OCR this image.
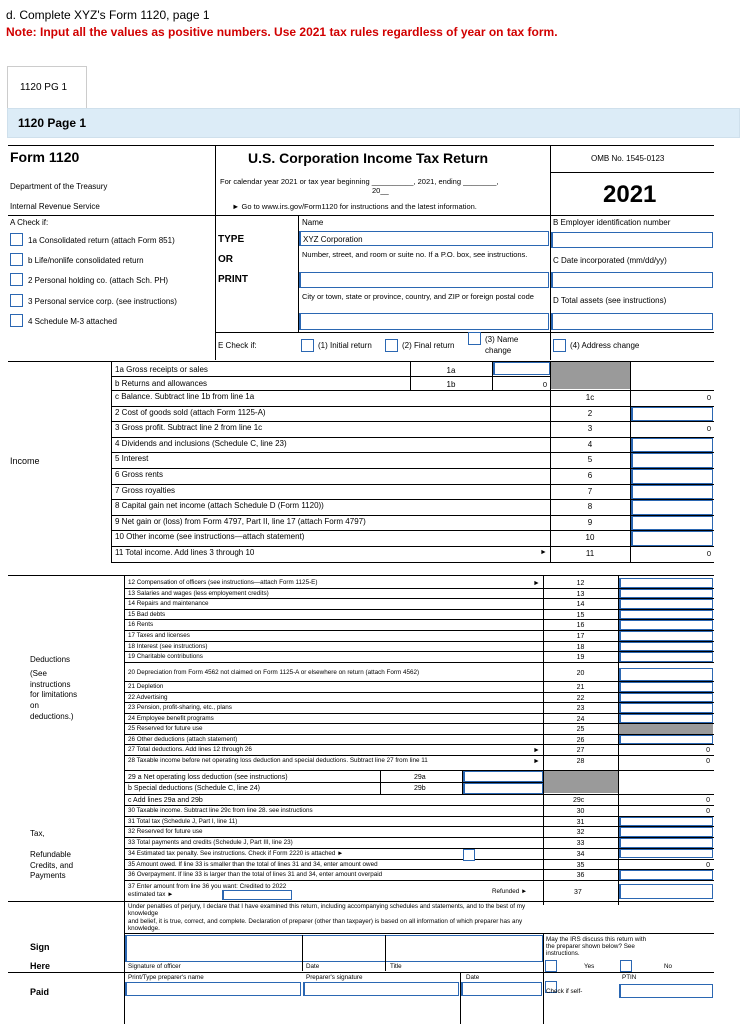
d. Complete XYZ's Form 1120, page 1
Note: Input all the values as positive numbers. Use 2021 tax rules regardless of year on tax form.
1120 PG 1
1120 Page 1
Form 1120
Department of the Treasury
Internal Revenue Service
U.S. Corporation Income Tax Return
For calendar year 2021 or tax year beginning __________, 2021, ending ________,
20__
► Go to www.irs.gov/Form1120 for instructions and the latest information.
OMB No. 1545-0123
2021
A Check if:
1a Consolidated return (attach Form 851)
b Life/nonlife consolidated return
2 Personal holding co. (attach Sch. PH)
3 Personal service corp. (see instructions)
4 Schedule M-3 attached
TYPE
OR
PRINT
Name
XYZ Corporation
Number, street, and room or suite no. If a P.O. box, see instructions.
City or town, state or province, country, and ZIP or foreign postal code
B Employer identification number
C Date incorporated (mm/dd/yy)
D Total assets (see instructions)
E Check if:	(1) Initial return	(2) Final return
(3) Name change
(4) Address change
Income
1a Gross receipts or sales	1a
b Returns and allowances	1b	0
c Balance. Subtract line 1b from line 1a	1c	0
2 Cost of goods sold (attach Form 1125-A)	2
3 Gross profit. Subtract line 2 from line 1c	3	0
4 Dividends and inclusions (Schedule C, line 23)	4
5 Interest	5
6 Gross rents	6
7 Gross royalties	7
8 Capital gain net income (attach Schedule D (Form 1120))	8
9 Net gain or (loss) from Form 4797, Part II, line 17 (attach Form 4797)	9
10 Other income (see instructions—attach statement)	10
11 Total income. Add lines 3 through 10	11	0
►
Deductions
(See
instructions
for limitations
on
deductions.)
12 Compensation of officers (see instructions—attach Form 1125-E)	12
►
13 Salaries and wages (less employement credits)	13
14 Repairs and maintenance	14
15 Bad debts	15
16 Rents	16
17 Taxes and licenses	17
18 Interest (see instructions)	18
19 Charitable contributions	19
20 Depreciation from Form 4562 not claimed on Form 1125-A or elsewhere on return (attach Form 4562)	20
21 Depletion	21
22 Advertising	22
23 Pension, profit-sharing, etc., plans	23
24 Employee benefit programs	24
25 Reserved for future use	25
26 Other deductions (attach statement)	26
27 Total deductions. Add lines 12 through 26	27	0
►
28 Taxable income before net operating loss deduction and special deductions. Subtract line 27 from line 11	28	0
►
29 a Net operating loss deduction (see instructions)	29a
b Special deductions (Schedule C, line 24)	29b
c Add lines 29a and 29b	29c	0
Tax,
Refundable
Credits, and
Payments
30 Taxable income. Subtract line 29c from line 28. see instructions	30	0
31 Total tax (Schedule J, Part I, line 11)	31
32 Reserved for future use	32
33 Total payments and credits (Schedule J, Part III, line 23)	33
34 Estimated tax penalty. See instructions. Check if Form 2220 is attached ►	34
35 Amount owed. If line 33 is smaller than the total of lines 31 and 34, enter amount owed	35	0
36 Overpayment. If line 33 is larger than the total of lines 31 and 34, enter amount overpaid	36
37 Enter amount from line 36 you want: Credited to 2022
estimated tax ►	Refunded ►	37
Under penalties of perjury, I declare that I have examined this return, including accompanying schedules and statements, and to the best of my
knowledge
and belief, it is true, correct, and complete. Declaration of preparer (other than taxpayer) is based on all information of which preparer has any
knowledge.
Sign
Here	Signature of officer	Date	Title
May the IRS discuss this return with
the preparer shown below? See
instructions.
Yes	No
Paid
Print/Type preparer's name	Preparer's signature	Date	PTIN
Check if self-
